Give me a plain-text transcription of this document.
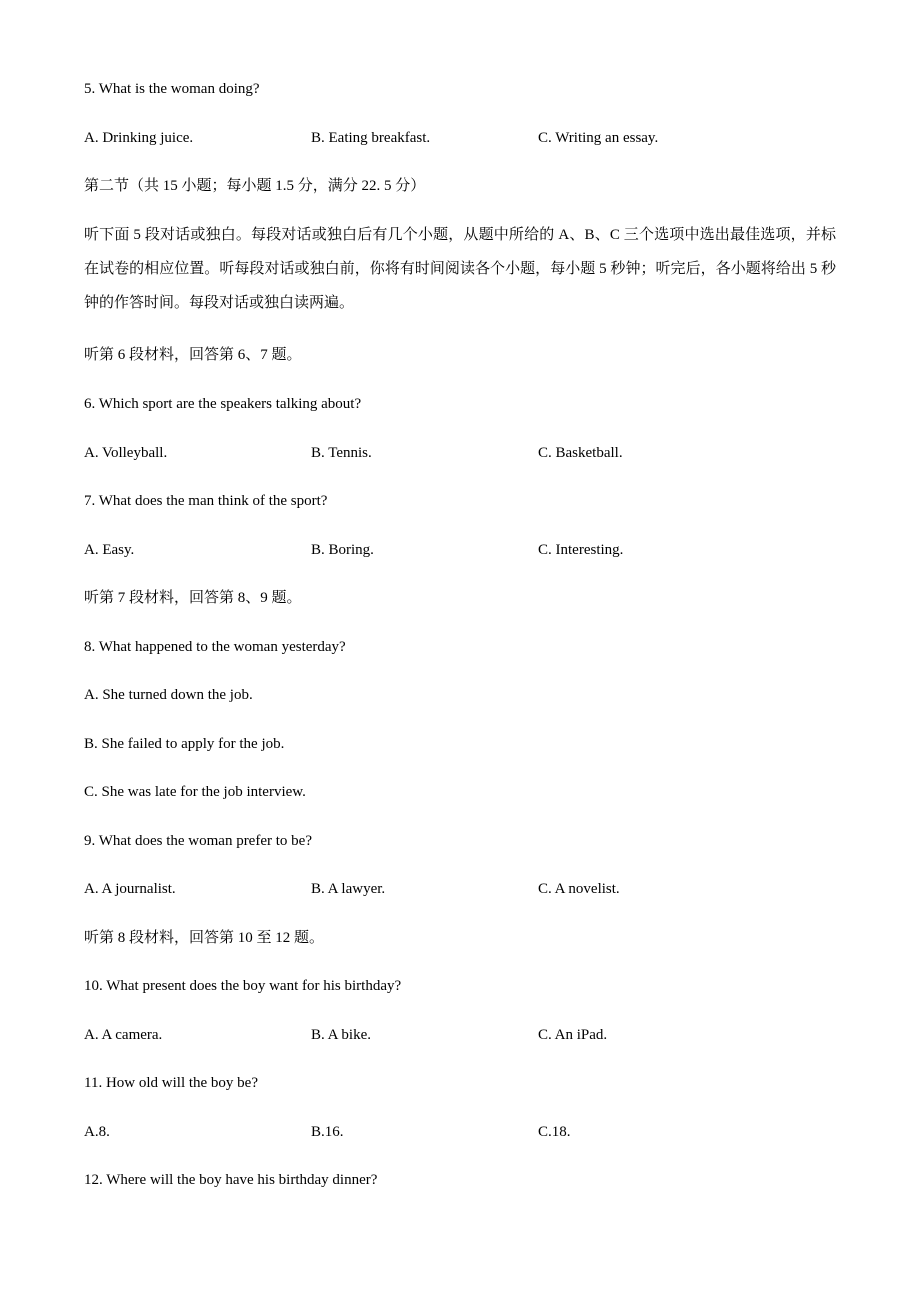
5. What is the woman doing?
A. Drinking juice.	B. Eating breakfast.	C. Writing an essay.
第二节（共 15 小题；每小题 1.5 分，满分 22. 5 分）
听下面 5 段对话或独白。每段对话或独白后有几个小题，从题中所给的 A、B、C 三个选项中选出最佳选项，并标在试卷的相应位置。听每段对话或独白前，你将有时间阅读各个小题，每小题 5 秒钟；听完后，各小题将给出 5 秒钟的作答时间。每段对话或独白读两遍。
听第 6 段材料，回答第 6、7 题。
6. Which sport are the speakers talking about?
A. Volleyball.	B. Tennis.	C. Basketball.
7. What does the man think of the sport?
A. Easy.	B. Boring.	C. Interesting.
听第 7 段材料，回答第 8、9 题。
8. What happened to the woman yesterday?
A. She turned down the job.
B. She failed to apply for the job.
C. She was late for the job interview.
9. What does the woman prefer to be?
A. A journalist.	B. A lawyer.	C. A novelist.
听第 8 段材料，回答第 10 至 12 题。
10. What present does the boy want for his birthday?
A. A camera.	B. A bike.	C. An iPad.
11. How old will the boy be?
A.8.	B.16.	C.18.
12. Where will the boy have his birthday dinner?
